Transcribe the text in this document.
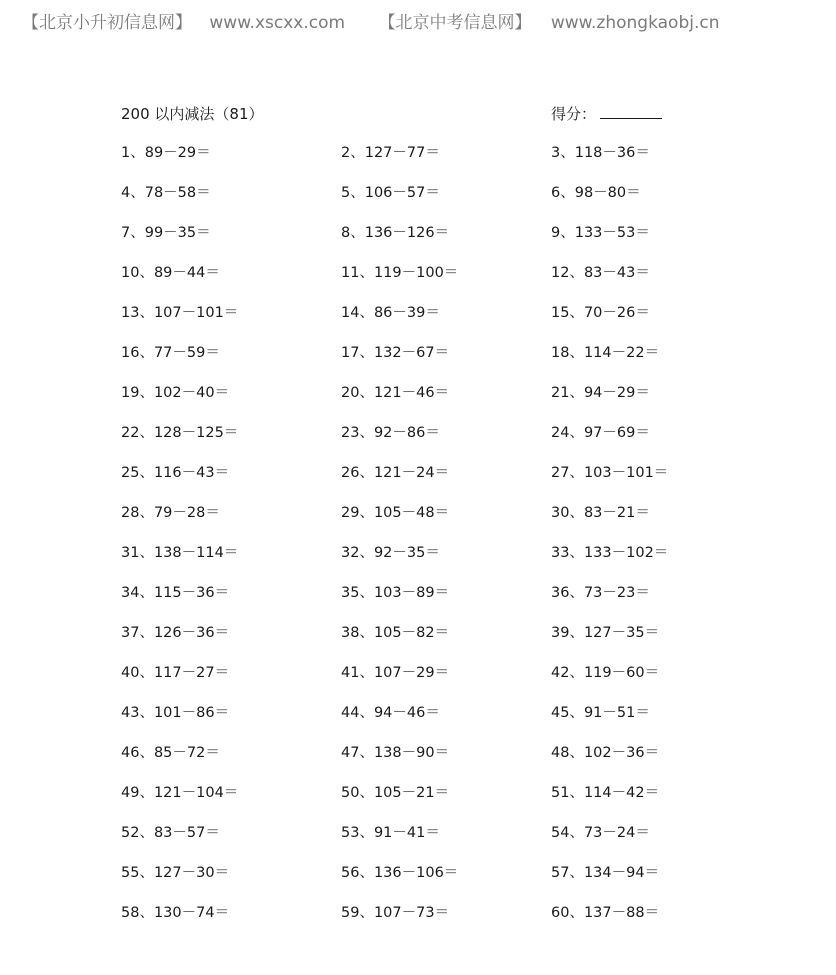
【北京小升初信息网】 www.xscxx.com 【北京中考信息网】 www.zhongkaobj.cn
200 以内减法（81）	得分：
1、89－29＝	2、127－77＝	3、118－36＝
4、78－58＝	5、106－57＝	6、98－80＝
7、99－35＝	8、136－126＝	9、133－53＝
10、89－44＝	11、119－100＝	12、83－43＝
13、107－101＝	14、86－39＝	15、70－26＝
16、77－59＝	17、132－67＝	18、114－22＝
19、102－40＝	20、121－46＝	21、94－29＝
22、128－125＝	23、92－86＝	24、97－69＝
25、116－43＝	26、121－24＝	27、103－101＝
28、79－28＝	29、105－48＝	30、83－21＝
31、138－114＝	32、92－35＝	33、133－102＝
34、115－36＝	35、103－89＝	36、73－23＝
37、126－36＝	38、105－82＝	39、127－35＝
40、117－27＝	41、107－29＝	42、119－60＝
43、101－86＝	44、94－46＝	45、91－51＝
46、85－72＝	47、138－90＝	48、102－36＝
49、121－104＝	50、105－21＝	51、114－42＝
52、83－57＝	53、91－41＝	54、73－24＝
55、127－30＝	56、136－106＝	57、134－94＝
58、130－74＝	59、107－73＝	60、137－88＝
